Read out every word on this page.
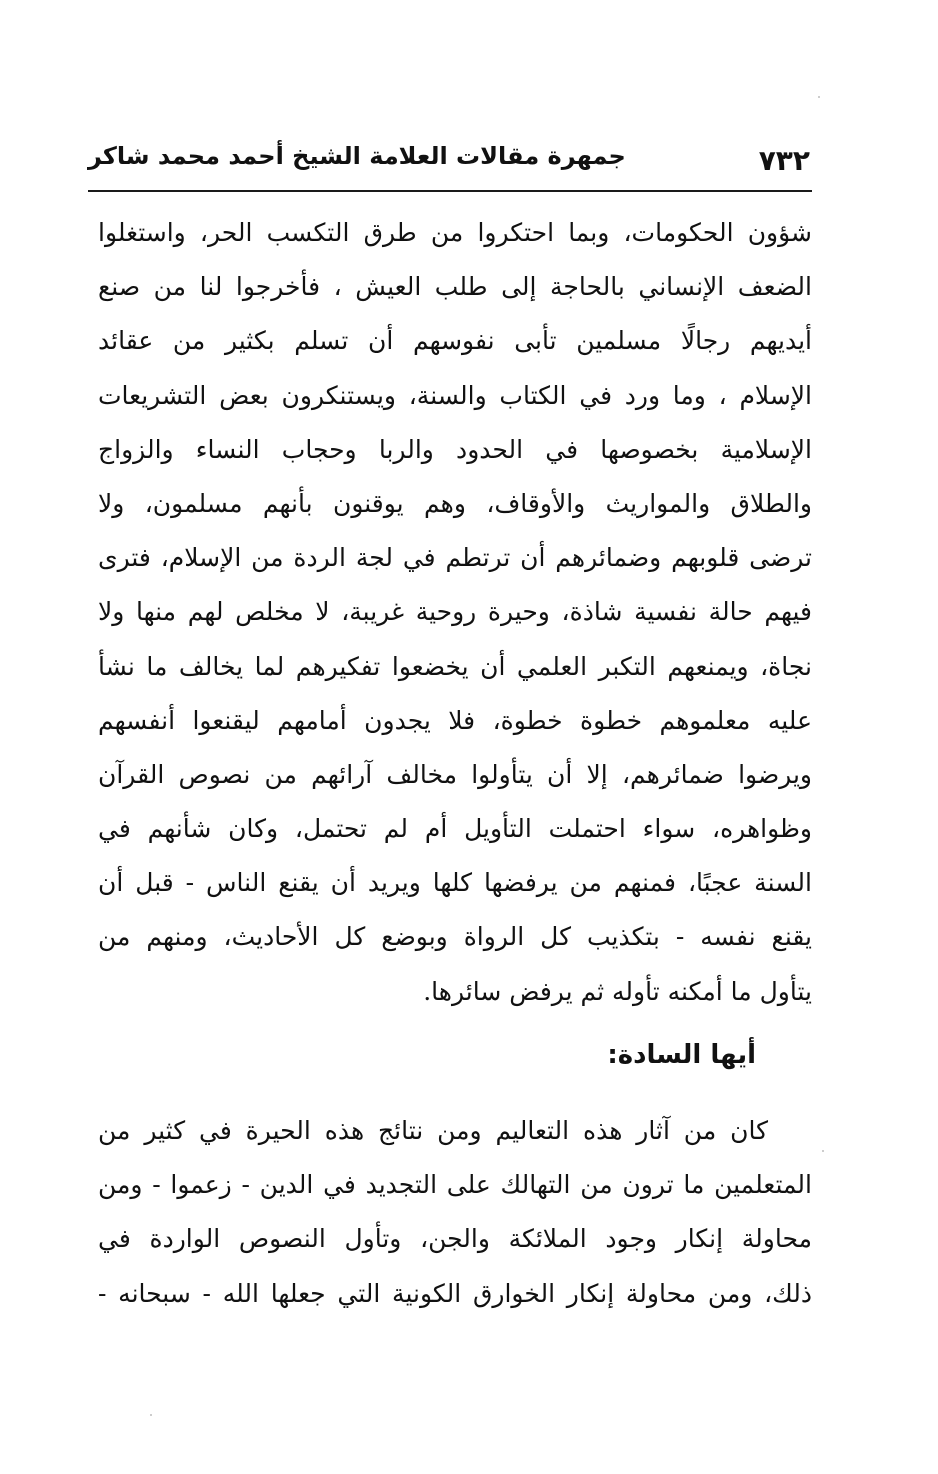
٧٣٢
جمهرة مقالات العلامة الشيخ أحمد محمد شاكر
شؤون الحكومات، وبما احتكروا من طرق التكسب الحر، واستغلوا
الضعف الإنساني بالحاجة إلى طلب العيش ، فأخرجوا لنا من صنع
أيديهم رجالًا مسلمين تأبى نفوسهم أن تسلم بكثير من عقائد
الإسلام ، وما ورد في الكتاب والسنة، ويستنكرون بعض التشريعات
الإسلامية بخصوصها في الحدود والربا وحجاب النساء والزواج
والطلاق والمواريث والأوقاف، وهم يوقنون بأنهم مسلمون، ولا
ترضى قلوبهم وضمائرهم أن ترتطم في لجة الردة من الإسلام، فترى
فيهم حالة نفسية شاذة، وحيرة روحية غريبة، لا مخلص لهم منها ولا
نجاة، ويمنعهم التكبر العلمي أن يخضعوا تفكيرهم لما يخالف ما نشأ
عليه معلموهم خطوة خطوة، فلا يجدون أمامهم ليقنعوا أنفسهم
ويرضوا ضمائرهم، إلا أن يتأولوا مخالف آرائهم من نصوص القرآن
وظواهره، سواء احتملت التأويل أم لم تحتمل، وكان شأنهم في
السنة عجبًا، فمنهم من يرفضها كلها ويريد أن يقنع الناس - قبل أن
يقنع نفسه - بتكذيب كل الرواة وبوضع كل الأحاديث، ومنهم من
يتأول ما أمكنه تأوله ثم يرفض سائرها.
أيها السادة:
كان من آثار هذه التعاليم ومن نتائج هذه الحيرة في كثير من
المتعلمين ما ترون من التهالك على التجديد في الدين - زعموا - ومن
محاولة إنكار وجود الملائكة والجن، وتأول النصوص الواردة في
ذلك، ومن محاولة إنكار الخوارق الكونية التي جعلها الله - سبحانه -
